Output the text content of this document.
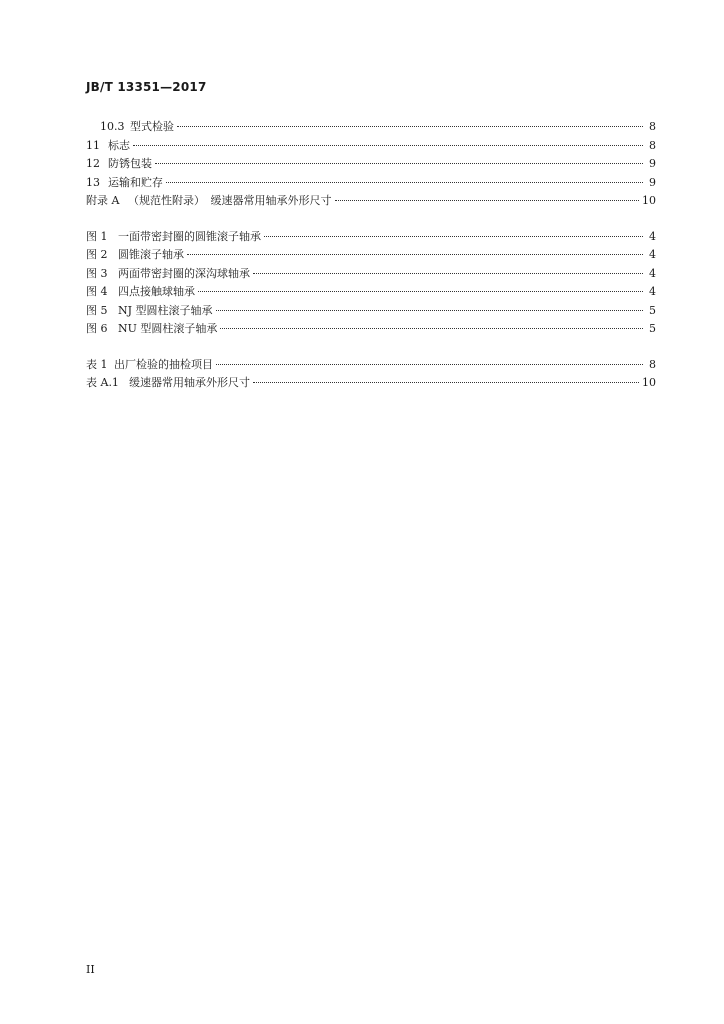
JB/T 13351—2017
10.3 型式检验	8
11 标志	8
12 防锈包装	9
13 运输和贮存	9
附录 A （规范性附录）　缓速器常用轴承外形尺寸	10
图 1 一面带密封圈的圆锥滚子轴承	4
图 2 圆锥滚子轴承	4
图 3 两面带密封圈的深沟球轴承	4
图 4 四点接触球轴承	4
图 5 NJ 型圆柱滚子轴承	5
图 6 NU 型圆柱滚子轴承	5
表 1 出厂检验的抽检项目	8
表 A.1 缓速器常用轴承外形尺寸	10
II
